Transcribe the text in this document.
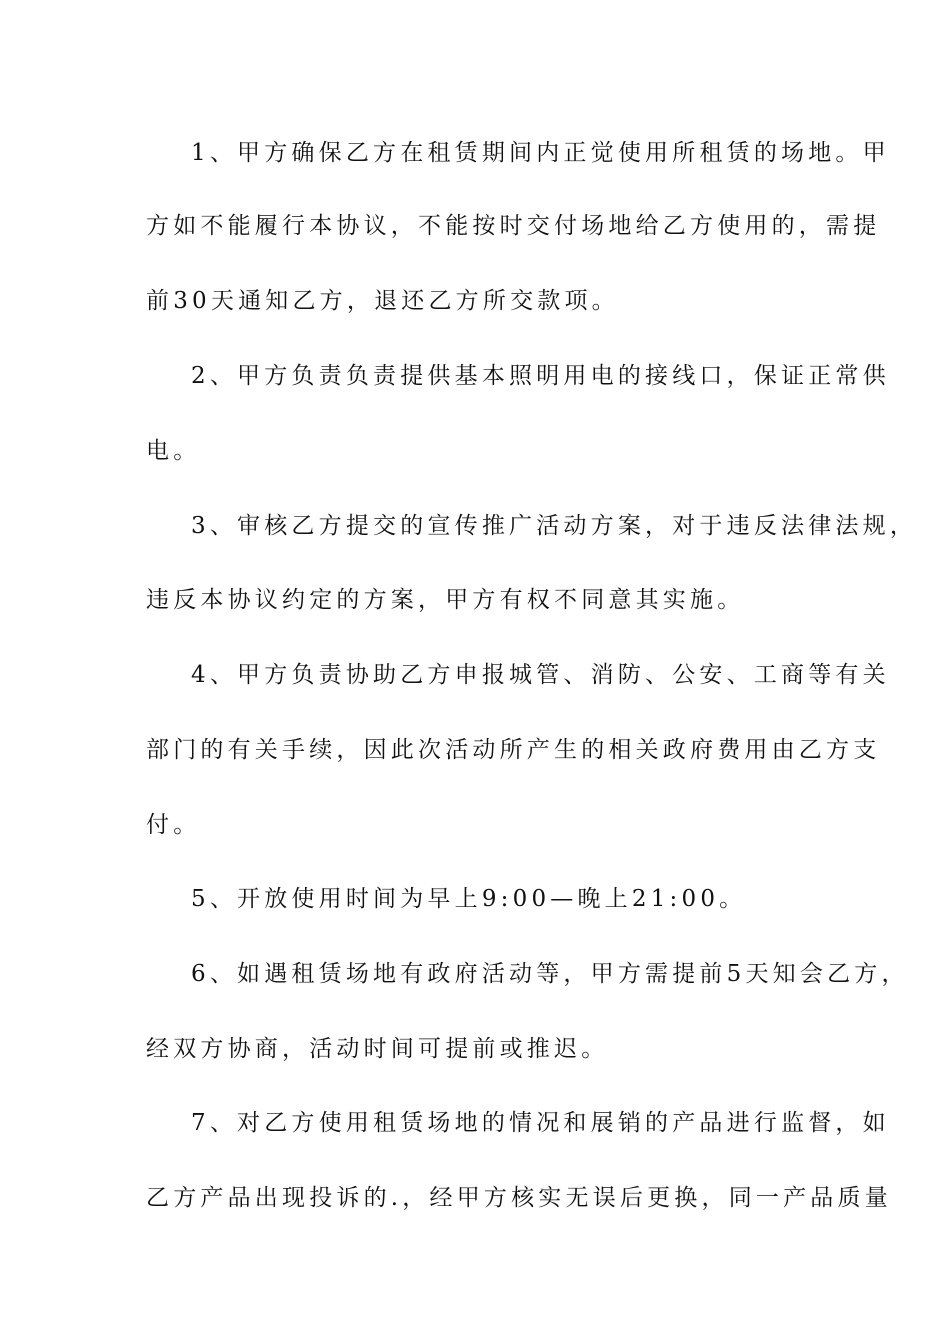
1、甲方确保乙方在租赁期间内正觉使用所租赁的场地。甲
方如不能履行本协议，不能按时交付场地给乙方使用的，需提
前30天通知乙方，退还乙方所交款项。
2、甲方负责负责提供基本照明用电的接线口，保证正常供
电。
3、审核乙方提交的宣传推广活动方案，对于违反法律法规，
违反本协议约定的方案，甲方有权不同意其实施。
4、甲方负责协助乙方申报城管、消防、公安、工商等有关
部门的有关手续，因此次活动所产生的相关政府费用由乙方支
付。
5、开放使用时间为早上9:00—晚上21:00。
6、如遇租赁场地有政府活动等，甲方需提前5天知会乙方，
经双方协商，活动时间可提前或推迟。
7、对乙方使用租赁场地的情况和展销的产品进行监督，如
乙方产品出现投诉的.，经甲方核实无误后更换，同一产品质量
